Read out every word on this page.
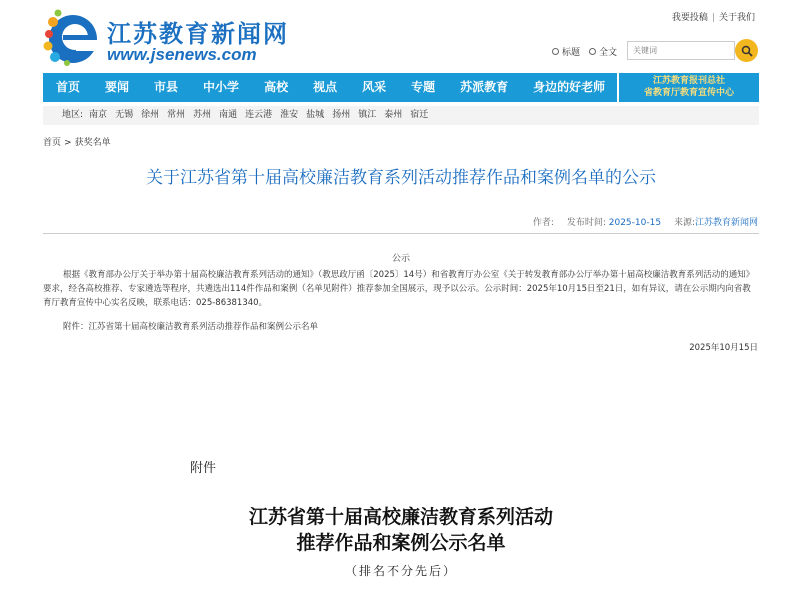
江苏教育新闻网
www.jsenews.com
我要投稿 | 关于我们
标题 全文
关键词
首页	要闻	市县	中小学	高校	视点	风采	专题	苏派教育	身边的好老师	江苏教育报刊总社
省教育厅教育宣传中心
地区: 南京 无锡 徐州 常州 苏州 南通 连云港 淮安 盐城 扬州 镇江 泰州 宿迁
首页 > 获奖名单
关于江苏省第十届高校廉洁教育系列活动推荐作品和案例名单的公示
作者: 发布时间: 2025-10-15 来源:江苏教育新闻网
公示
根据《教育部办公厅关于举办第十届高校廉洁教育系列活动的通知》（教思政厅函〔2025〕14号）和省教育厅办公室《关于转发教育部办公厅举办第十届高校廉洁教育系列活动的通知》要求，经各高校推荐、专家遴选等程序，共遴选出114件作品和案例（名单见附件）推荐参加全国展示，现予以公示。公示时间：2025年10月15日至21日，如有异议，请在公示期内向省教育厅教育宣传中心实名反映，联系电话：025-86381340。
附件：江苏省第十届高校廉洁教育系列活动推荐作品和案例公示名单
2025年10月15日
附件
江苏省第十届高校廉洁教育系列活动
推荐作品和案例公示名单
（排名不分先后）
